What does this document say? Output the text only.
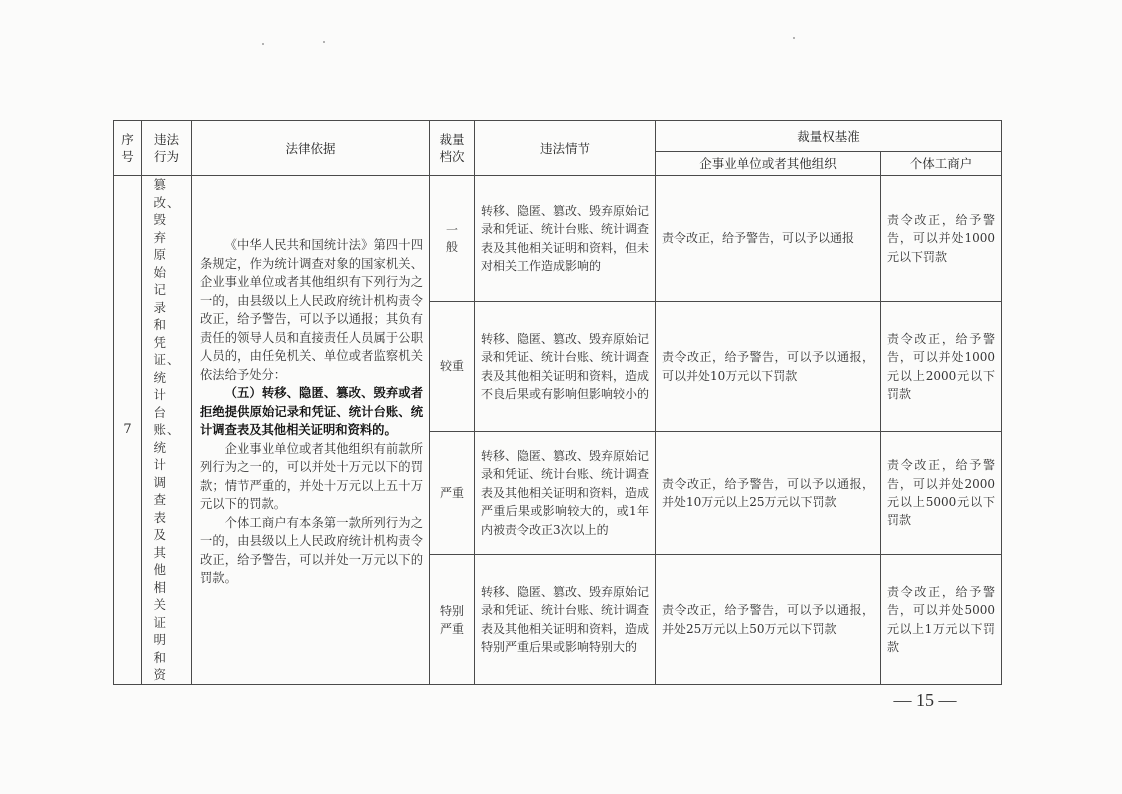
序号
违法行为
法律依据
裁量档次
违法情节
裁量权基准
企事业单位或者其他组织	个体工商户
7
篡改、毁弃原始记录和凭证、统计台账、统计调查表及其他相关证明和资

《中华人民共和国统计法》第四十四条规定，作为统计调查对象的国家机关、企业事业单位或者其他组织有下列行为之一的，由县级以上人民政府统计机构责令改正，给予警告，可以予以通报；其负有责任的领导人员和直接责任人员属于公职人员的，由任免机关、单位或者监察机关依法给予处分：

（五）转移、隐匿、篡改、毁弃或者拒绝提供原始记录和凭证、统计台账、统计调查表及其他相关证明和资料的。

企业事业单位或者其他组织有前款所列行为之一的，可以并处十万元以下的罚款；情节严重的，并处十万元以上五十万元以下的罚款。

个体工商户有本条第一款所列行为之一的，由县级以上人民政府统计机构责令改正，给予警告，可以并处一万元以下的罚款。

一般
转移、隐匿、篡改、毁弃原始记录和凭证、统计台账、统计调查表及其他相关证明和资料，但未对相关工作造成影响的
责令改正，给予警告，可以予以通报
责令改正，给予警告，可以并处1000元以下罚款
较重
转移、隐匿、篡改、毁弃原始记录和凭证、统计台账、统计调查表及其他相关证明和资料，造成不良后果或有影响但影响较小的
责令改正，给予警告，可以予以通报，可以并处10万元以下罚款
责令改正，给予警告，可以并处1000元以上2000元以下罚款
严重
转移、隐匿、篡改、毁弃原始记录和凭证、统计台账、统计调查表及其他相关证明和资料，造成严重后果或影响较大的，或1年内被责令改正3次以上的
责令改正，给予警告，可以予以通报，并处10万元以上25万元以下罚款
责令改正，给予警告，可以并处2000元以上5000元以下罚款
特别严重
转移、隐匿、篡改、毁弃原始记录和凭证、统计台账、统计调查表及其他相关证明和资料，造成特别严重后果或影响特别大的
责令改正，给予警告，可以予以通报，并处25万元以上50万元以下罚款
责令改正，给予警告，可以并处5000元以上1万元以下罚款
— 15 —
